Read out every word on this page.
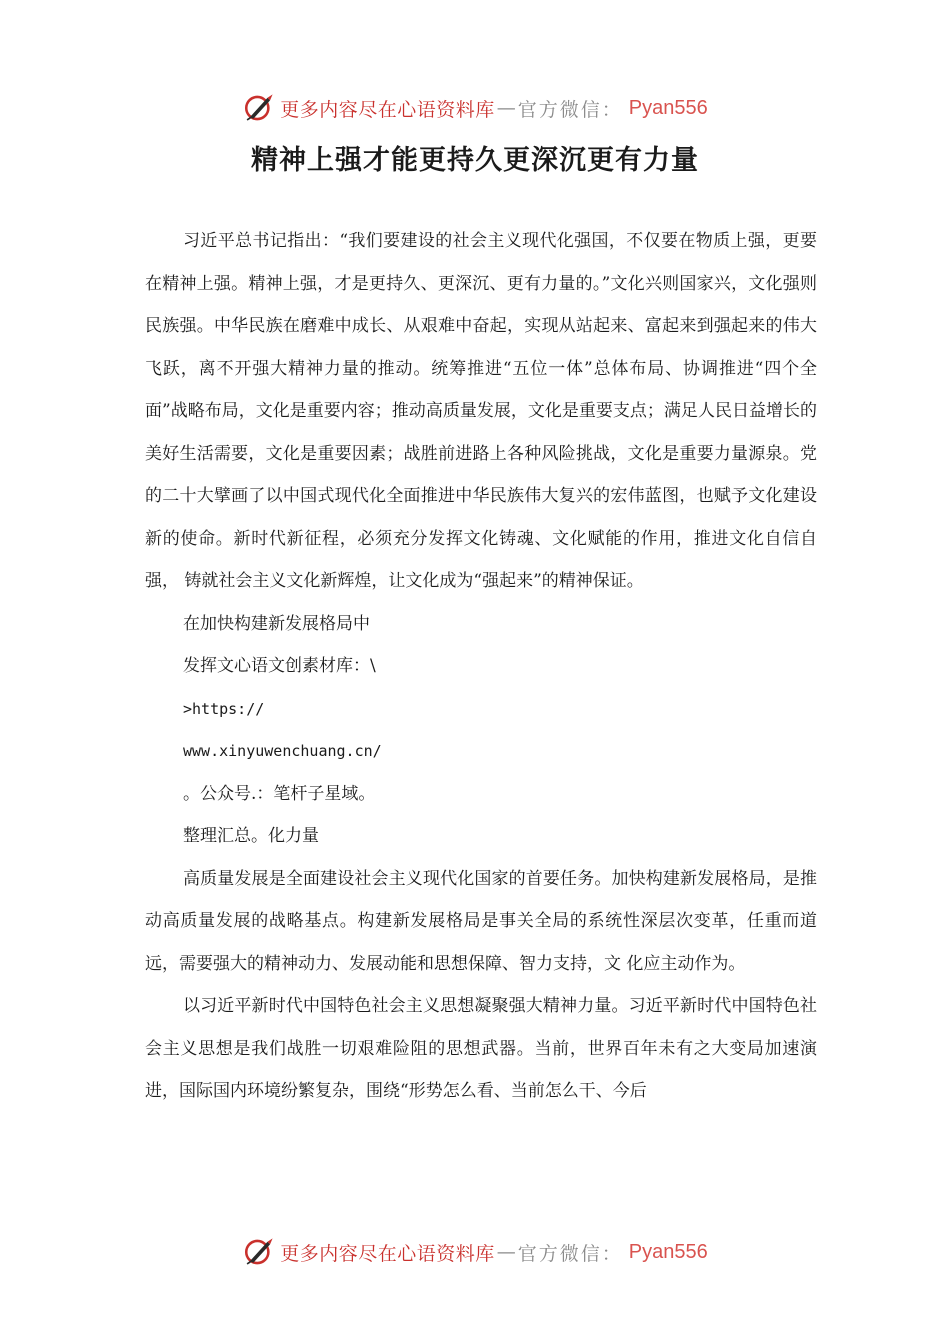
更多内容尽在心语资料库 — 官方微信： Pyan556
精神上强才能更持久更深沉更有力量

习近平总书记指出：“我们要建设的社会主义现代化强国，不仅要在物质上强，更要在精神上强。精神上强，才是更持久、更深沉、更有力量的。”文化兴则国家兴，文化强则民族强。中华民族在磨难中成长、从艰难中奋起，实现从站起来、富起来到强起来的伟大飞跃，离不开强大精神力量的推动。统筹推进“五位一体”总体布局、协调推进“四个全面”战略布局，文化是重要内容；推动高质量发展，文化是重要支点；满足人民日益增长的美好生活需要，文化是重要因素；战胜前进路上各种风险挑战，文化是重要力量源泉。党的二十大擘画了以中国式现代化全面推进中华民族伟大复兴的宏伟蓝图，也赋予文化建设新的使命。新时代新征程，必须充分发挥文化铸魂、文化赋能的作用，推进文化自信自强， 铸就社会主义文化新辉煌，让文化成为“强起来”的精神保证。

在加快构建新发展格局中

发挥文心语文创素材库：\

>https://

www.xinyuwenchuang.cn/

。公众号.：笔杆子星域。

整理汇总。化力量

高质量发展是全面建设社会主义现代化国家的首要任务。加快构建新发展格局，是推动高质量发展的战略基点。构建新发展格局是事关全局的系统性深层次变革，任重而道远，需要强大的精神动力、发展动能和思想保障、智力支持，文 化应主动作为。

以习近平新时代中国特色社会主义思想凝聚强大精神力量。习近平新时代中国特色社会主义思想是我们战胜一切艰难险阻的思想武器。当前，世界百年未有之大变局加速演进，国际国内环境纷繁复杂，围绕“形势怎么看、当前怎么干、今后

更多内容尽在心语资料库 — 官方微信： Pyan556
